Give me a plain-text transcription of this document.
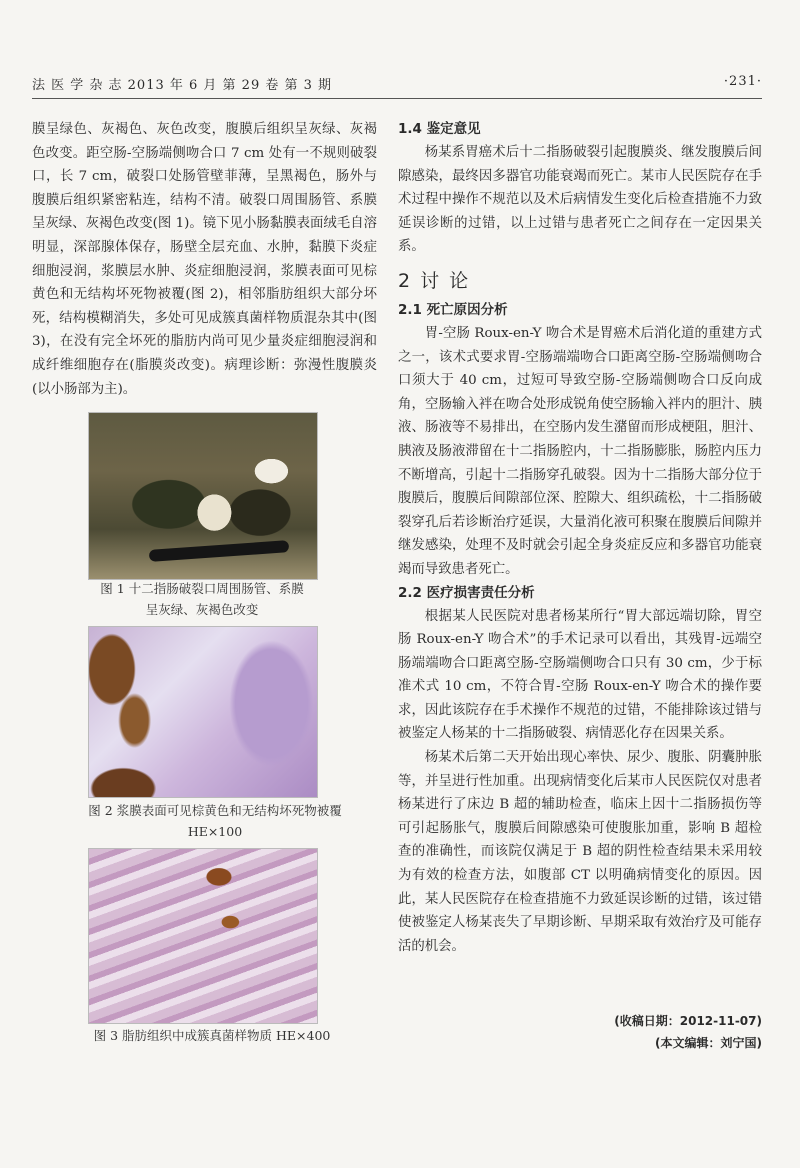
法 医 学 杂 志 2013 年 6 月 第 29 卷 第 3 期	·231·

膜呈绿色、灰褐色、灰色改变，腹膜后组织呈灰绿、灰褐色改变。距空肠-空肠端侧吻合口 7 cm 处有一不规则破裂口，长 7 cm，破裂口处肠管壁菲薄，呈黑褐色，肠外与腹膜后组织紧密粘连，结构不清。破裂口周围肠管、系膜呈灰绿、灰褐色改变(图 1)。镜下见小肠黏膜表面绒毛自溶明显，深部腺体保存，肠壁全层充血、水肿，黏膜下炎症细胞浸润，浆膜层水肿、炎症细胞浸润，浆膜表面可见棕黄色和无结构坏死物被覆(图 2)，相邻脂肪组织大部分坏死，结构模糊消失，多处可见成簇真菌样物质混杂其中(图 3)，在没有完全坏死的脂肪内尚可见少量炎症细胞浸润和成纤维细胞存在(脂膜炎改变)。病理诊断：弥漫性腹膜炎(以小肠部为主)。

图 1 十二指肠破裂口周围肠管、系膜
呈灰绿、灰褐色改变
图 2 浆膜表面可见棕黄色和无结构坏死物被覆
HE×100
图 3 脂肪组织中成簇真菌样物质 HE×400
1.4 鉴定意见

杨某系胃癌术后十二指肠破裂引起腹膜炎、继发腹膜后间隙感染，最终因多器官功能衰竭而死亡。某市人民医院存在手术过程中操作不规范以及术后病情发生变化后检查措施不力致延误诊断的过错，以上过错与患者死亡之间存在一定因果关系。

2 讨 论
2.1 死亡原因分析

胃-空肠 Roux-en-Y 吻合术是胃癌术后消化道的重建方式之一，该术式要求胃-空肠端端吻合口距离空肠-空肠端侧吻合口须大于 40 cm，过短可导致空肠-空肠端侧吻合口反向成角，空肠输入袢在吻合处形成锐角使空肠输入袢内的胆汁、胰液、肠液等不易排出，在空肠内发生潴留而形成梗阻，胆汁、胰液及肠液滞留在十二指肠腔内，十二指肠膨胀，肠腔内压力不断增高，引起十二指肠穿孔破裂。因为十二指肠大部分位于腹膜后，腹膜后间隙部位深、腔隙大、组织疏松，十二指肠破裂穿孔后若诊断治疗延误，大量消化液可积聚在腹膜后间隙并继发感染，处理不及时就会引起全身炎症反应和多器官功能衰竭而导致患者死亡。

2.2 医疗损害责任分析

根据某人民医院对患者杨某所行“胃大部远端切除，胃空肠 Roux-en-Y 吻合术”的手术记录可以看出，其残胃-远端空肠端端吻合口距离空肠-空肠端侧吻合口只有 30 cm，少于标准术式 10 cm，不符合胃-空肠 Roux-en-Y 吻合术的操作要求，因此该院存在手术操作不规范的过错，不能排除该过错与被鉴定人杨某的十二指肠破裂、病情恶化存在因果关系。

杨某术后第二天开始出现心率快、尿少、腹胀、阴囊肿胀等，并呈进行性加重。出现病情变化后某市人民医院仅对患者杨某进行了床边 B 超的辅助检查，临床上因十二指肠损伤等可引起肠胀气，腹膜后间隙感染可使腹胀加重，影响 B 超检查的准确性，而该院仅满足于 B 超的阴性检查结果未采用较为有效的检查方法，如腹部 CT 以明确病情变化的原因。因此，某人民医院存在检查措施不力致延误诊断的过错，该过错使被鉴定人杨某丧失了早期诊断、早期采取有效治疗及可能存活的机会。

(收稿日期：2012-11-07)
(本文编辑：刘宁国)
